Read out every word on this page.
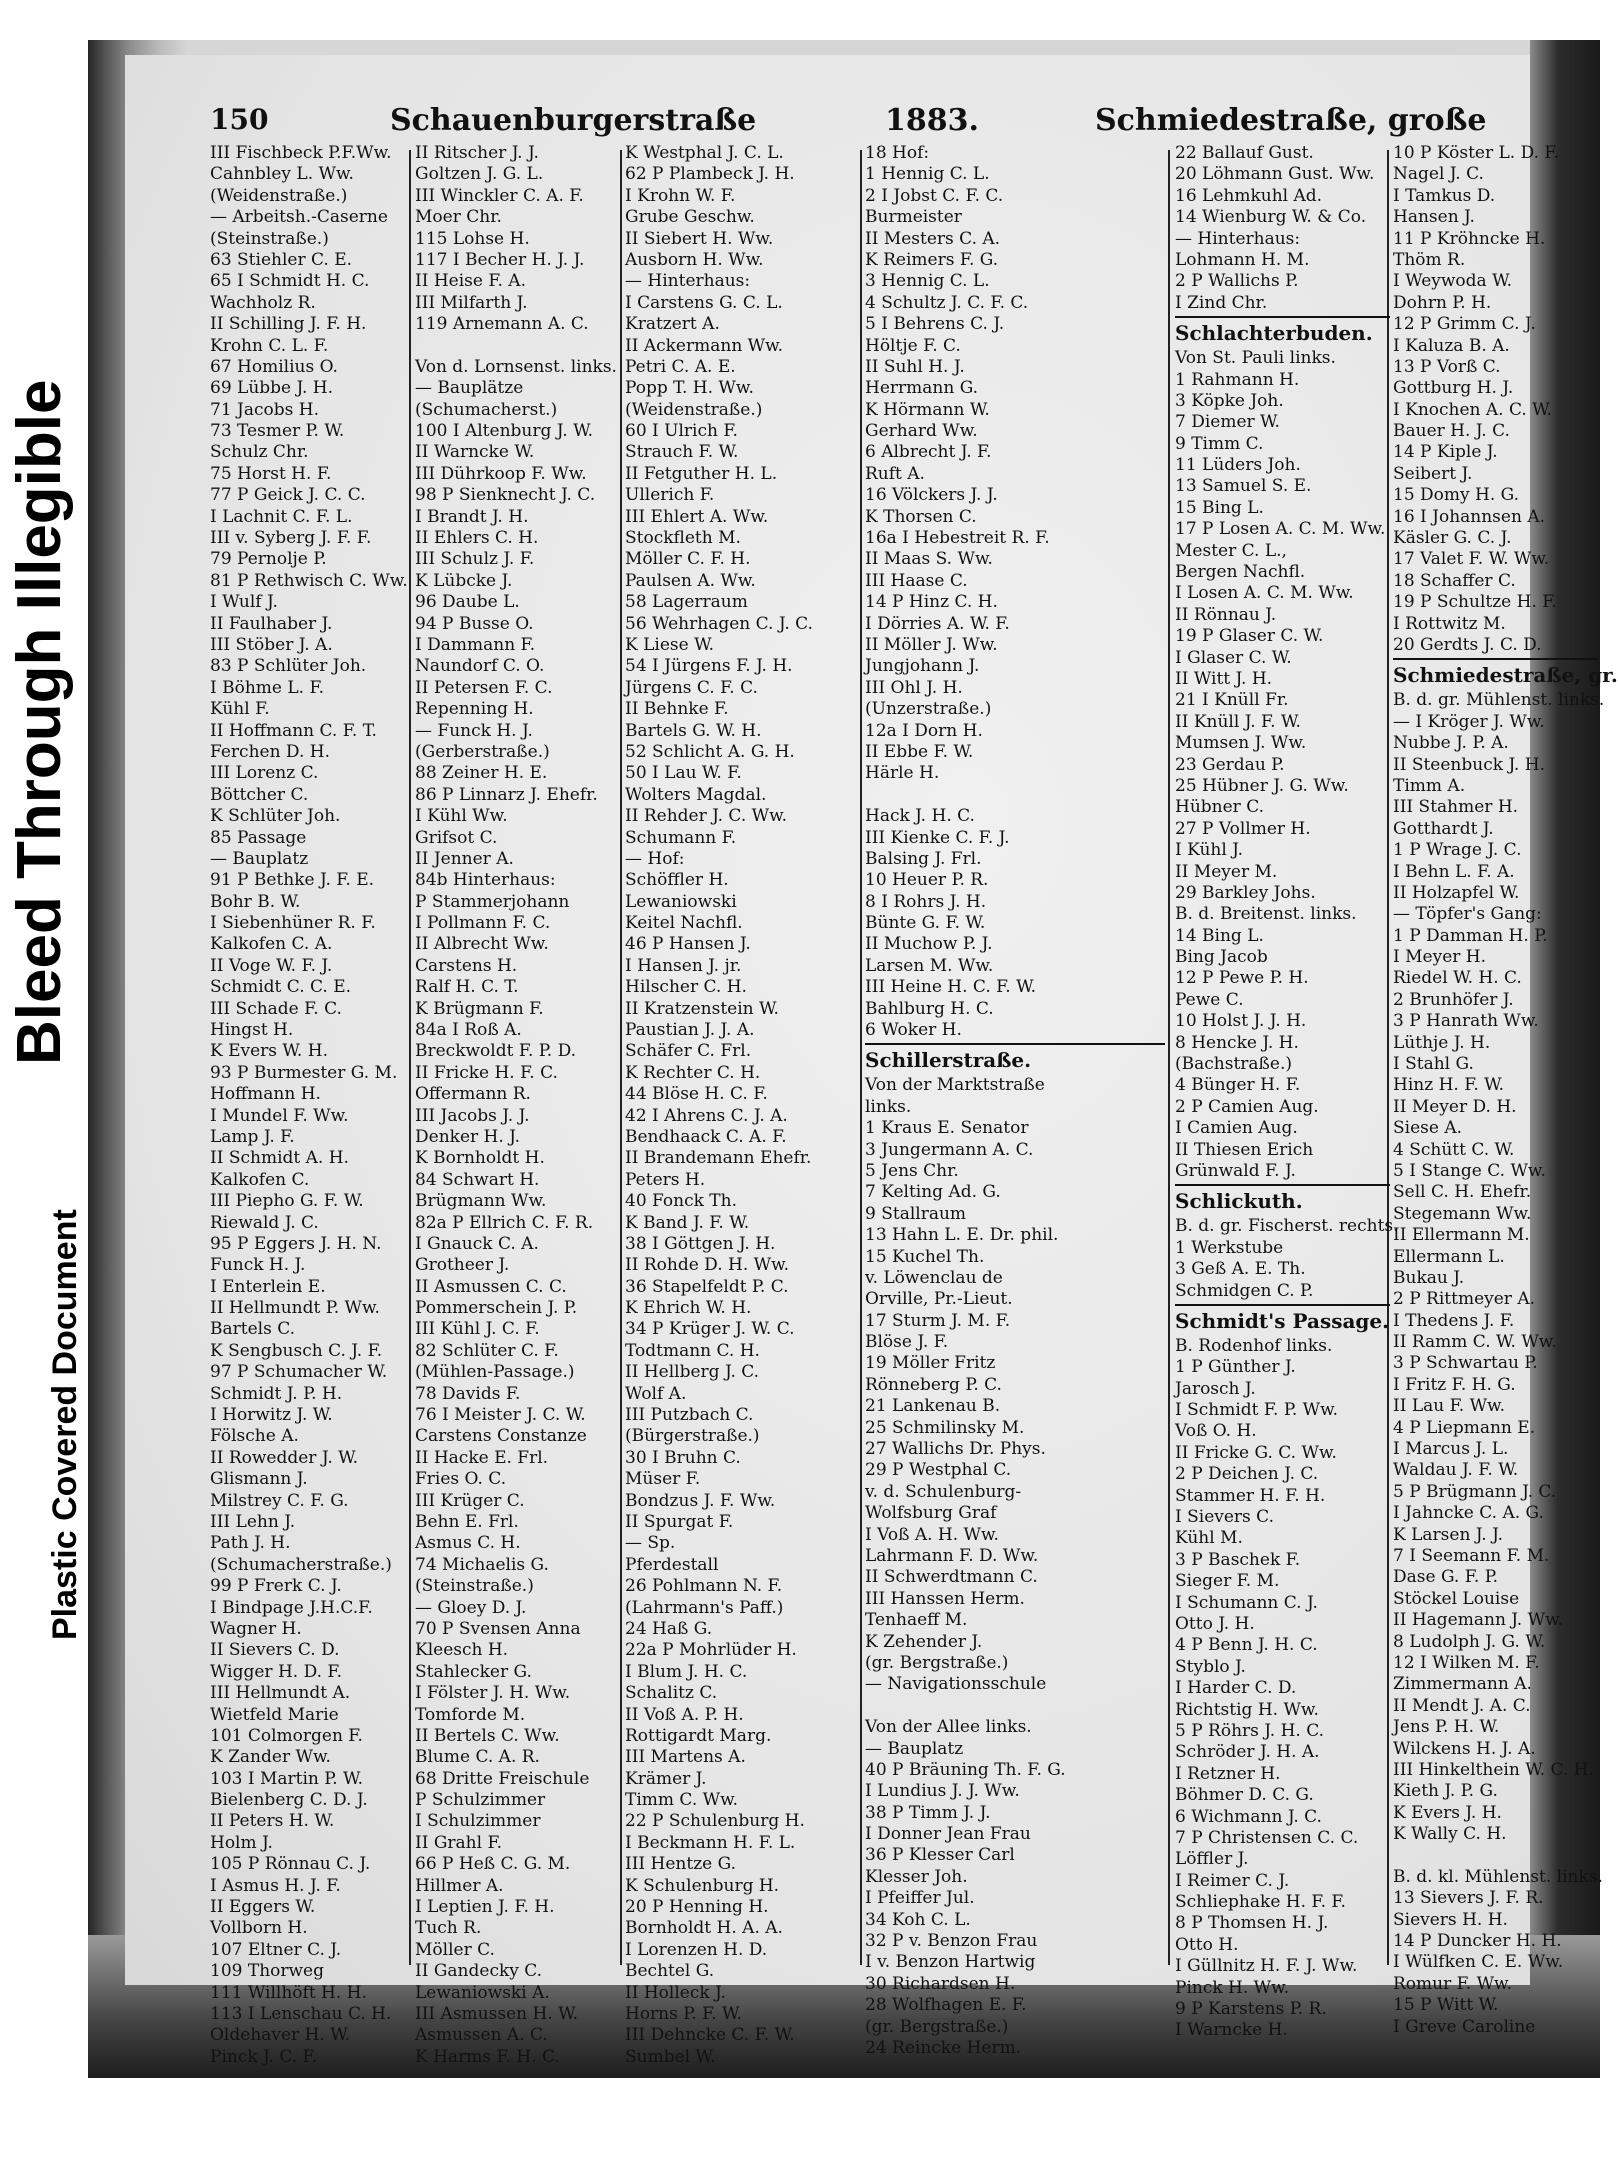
Bleed Through Illegible
Plastic Covered Document
150	Schauenburgerstraße	1883.	Schmiedestraße, große
III Fischbeck P.F.Ww.
Cahnbley L. Ww.
(Weidenstraße.)
— Arbeitsh.-Caserne
(Steinstraße.)
63 Stiehler C. E.
65 I Schmidt H. C.
Wachholz R.
II Schilling J. F. H.
Krohn C. L. F.
67 Homilius O.
69 Lübbe J. H.
71 Jacobs H.
73 Tesmer P. W.
Schulz Chr.
75 Horst H. F.
77 P Geick J. C. C.
I Lachnit C. F. L.
III v. Syberg J. F. F.
79 Pernolje P.
81 P Rethwisch C. Ww.
I Wulf J.
II Faulhaber J.
III Stöber J. A.
83 P Schlüter Joh.
I Böhme L. F.
Kühl F.
II Hoffmann C. F. T.
Ferchen D. H.
III Lorenz C.
Böttcher C.
K Schlüter Joh.
85 Passage
— Bauplatz
91 P Bethke J. F. E.
Bohr B. W.
I Siebenhüner R. F.
Kalkofen C. A.
II Voge W. F. J.
Schmidt C. C. E.
III Schade F. C.
Hingst H.
K Evers W. H.
93 P Burmester G. M.
Hoffmann H.
I Mundel F. Ww.
Lamp J. F.
II Schmidt A. H.
Kalkofen C.
III Piepho G. F. W.
Riewald J. C.
95 P Eggers J. H. N.
Funck H. J.
I Enterlein E.
II Hellmundt P. Ww.
Bartels C.
K Sengbusch C. J. F.
97 P Schumacher W.
Schmidt J. P. H.
I Horwitz J. W.
Fölsche A.
II Rowedder J. W.
Glismann J.
Milstrey C. F. G.
III Lehn J.
Path J. H.
(Schumacherstraße.)
99 P Frerk C. J.
I Bindpage J.H.C.F.
Wagner H.
II Sievers C. D.
Wigger H. D. F.
III Hellmundt A.
Wietfeld Marie
101 Colmorgen F.
K Zander Ww.
103 I Martin P. W.
Bielenberg C. D. J.
II Peters H. W.
Holm J.
105 P Rönnau C. J.
I Asmus H. J. F.
II Eggers W.
Vollborn H.
107 Eltner C. J.
109 Thorweg
111 Willhöft H. H.
113 I Lenschau C. H.
Oldehaver H. W.
Pinck J. C. F.
II Ritscher J. J.
Goltzen J. G. L.
III Winckler C. A. F.
Moer Chr.
115 Lohse H.
117 I Becher H. J. J.
II Heise F. A.
III Milfarth J.
119 Arnemann A. C.
Von d. Lornsenst. links.
— Bauplätze
(Schumacherst.)
100 I Altenburg J. W.
II Warncke W.
III Dührkoop F. Ww.
98 P Sienknecht J. C.
I Brandt J. H.
II Ehlers C. H.
III Schulz J. F.
K Lübcke J.
96 Daube L.
94 P Busse O.
I Dammann F.
Naundorf C. O.
II Petersen F. C.
Repenning H.
— Funck H. J.
(Gerberstraße.)
88 Zeiner H. E.
86 P Linnarz J. Ehefr.
I Kühl Ww.
Grifsot C.
II Jenner A.
84b Hinterhaus:
P Stammerjohann
I Pollmann F. C.
II Albrecht Ww.
Carstens H.
Ralf H. C. T.
K Brügmann F.
84a I Roß A.
Breckwoldt F. P. D.
II Fricke H. F. C.
Offermann R.
III Jacobs J. J.
Denker H. J.
K Bornholdt H.
84 Schwart H.
Brügmann Ww.
82a P Ellrich C. F. R.
I Gnauck C. A.
Grotheer J.
II Asmussen C. C.
Pommerschein J. P.
III Kühl J. C. F.
82 Schlüter C. F.
(Mühlen-Passage.)
78 Davids F.
76 I Meister J. C. W.
Carstens Constanze
II Hacke E. Frl.
Fries O. C.
III Krüger C.
Behn E. Frl.
Asmus C. H.
74 Michaelis G.
(Steinstraße.)
— Gloey D. J.
70 P Svensen Anna
Kleesch H.
Stahlecker G.
I Fölster J. H. Ww.
Tomforde M.
II Bertels C. Ww.
Blume C. A. R.
68 Dritte Freischule
P Schulzimmer
I Schulzimmer
II Grahl F.
66 P Heß C. G. M.
Hillmer A.
I Leptien J. F. H.
Tuch R.
Möller C.
II Gandecky C.
Lewaniowski A.
III Asmussen H. W.
Asmussen A. C.
K Harms F. H. C.
K Westphal J. C. L.
62 P Plambeck J. H.
I Krohn W. F.
Grube Geschw.
II Siebert H. Ww.
Ausborn H. Ww.
— Hinterhaus:
I Carstens G. C. L.
Kratzert A.
II Ackermann Ww.
Petri C. A. E.
Popp T. H. Ww.
(Weidenstraße.)
60 I Ulrich F.
Strauch F. W.
II Fetguther H. L.
Ullerich F.
III Ehlert A. Ww.
Stockfleth M.
Möller C. F. H.
Paulsen A. Ww.
58 Lagerraum
56 Wehrhagen C. J. C.
K Liese W.
54 I Jürgens F. J. H.
Jürgens C. F. C.
II Behnke F.
Bartels G. W. H.
52 Schlicht A. G. H.
50 I Lau W. F.
Wolters Magdal.
II Rehder J. C. Ww.
Schumann F.
— Hof:
Schöffler H.
Lewaniowski
Keitel Nachfl.
46 P Hansen J.
I Hansen J. jr.
Hilscher C. H.
II Kratzenstein W.
Paustian J. J. A.
Schäfer C. Frl.
K Rechter C. H.
44 Blöse H. C. F.
42 I Ahrens C. J. A.
Bendhaack C. A. F.
II Brandemann Ehefr.
Peters H.
40 Fonck Th.
K Band J. F. W.
38 I Göttgen J. H.
II Rohde D. H. Ww.
36 Stapelfeldt P. C.
K Ehrich W. H.
34 P Krüger J. W. C.
Todtmann C. H.
II Hellberg J. C.
Wolf A.
III Putzbach C.
(Bürgerstraße.)
30 I Bruhn C.
Müser F.
Bondzus J. F. Ww.
II Spurgat F.
— Sp.
Pferdestall
26 Pohlmann N. F.
(Lahrmann's Paff.)
24 Haß G.
22a P Mohrlüder H.
I Blum J. H. C.
Schalitz C.
II Voß A. P. H.
Rottigardt Marg.
III Martens A.
Krämer J.
Timm C. Ww.
22 P Schulenburg H.
I Beckmann H. F. L.
III Hentze G.
K Schulenburg H.
20 P Henning H.
Bornholdt H. A. A.
I Lorenzen H. D.
Bechtel G.
II Holleck J.
Horns P. F. W.
III Dehncke C. F. W.
Sumbel W.
18 Hof:
1 Hennig C. L.
2 I Jobst C. F. C.
Burmeister
II Mesters C. A.
K Reimers F. G.
3 Hennig C. L.
4 Schultz J. C. F. C.
5 I Behrens C. J.
Höltje F. C.
II Suhl H. J.
Herrmann G.
K Hörmann W.
Gerhard Ww.
6 Albrecht J. F.
Ruft A.
16 Völckers J. J.
K Thorsen C.
16a I Hebestreit R. F.
II Maas S. Ww.
III Haase C.
14 P Hinz C. H.
I Dörries A. W. F.
II Möller J. Ww.
Jungjohann J.
III Ohl J. H.
(Unzerstraße.)
12a I Dorn H.
II Ebbe F. W.
Härle H.
Hack J. H. C.
III Kienke C. F. J.
Balsing J. Frl.
10 Heuer P. R.
8 I Rohrs J. H.
Bünte G. F. W.
II Muchow P. J.
Larsen M. Ww.
III Heine H. C. F. W.
Bahlburg H. C.
6 Woker H.
Schillerstraße.
Von der Marktstraße
links.
1 Kraus E. Senator
3 Jungermann A. C.
5 Jens Chr.
7 Kelting Ad. G.
9 Stallraum
13 Hahn L. E. Dr. phil.
15 Kuchel Th.
v. Löwenclau de
Orville, Pr.-Lieut.
17 Sturm J. M. F.
Blöse J. F.
19 Möller Fritz
Rönneberg P. C.
21 Lankenau B.
25 Schmilinsky M.
27 Wallichs Dr. Phys.
29 P Westphal C.
v. d. Schulenburg-
Wolfsburg Graf
I Voß A. H. Ww.
Lahrmann F. D. Ww.
II Schwerdtmann C.
III Hanssen Herm.
Tenhaeff M.
K Zehender J.
(gr. Bergstraße.)
— Navigationsschule
Von der Allee links.
— Bauplatz
40 P Bräuning Th. F. G.
I Lundius J. J. Ww.
38 P Timm J. J.
I Donner Jean Frau
36 P Klesser Carl
Klesser Joh.
I Pfeiffer Jul.
34 Koh C. L.
32 P v. Benzon Frau
I v. Benzon Hartwig
30 Richardsen H.
28 Wolfhagen E. F.
(gr. Bergstraße.)
24 Reincke Herm.
22 Ballauf Gust.
20 Löhmann Gust. Ww.
16 Lehmkuhl Ad.
14 Wienburg W. & Co.
— Hinterhaus:
Lohmann H. M.
2 P Wallichs P.
I Zind Chr.
Schlachterbuden.
Von St. Pauli links.
1 Rahmann H.
3 Köpke Joh.
7 Diemer W.
9 Timm C.
11 Lüders Joh.
13 Samuel S. E.
15 Bing L.
17 P Losen A. C. M. Ww.
Mester C. L.,
Bergen Nachfl.
I Losen A. C. M. Ww.
II Rönnau J.
19 P Glaser C. W.
I Glaser C. W.
II Witt J. H.
21 I Knüll Fr.
II Knüll J. F. W.
Mumsen J. Ww.
23 Gerdau P.
25 Hübner J. G. Ww.
Hübner C.
27 P Vollmer H.
I Kühl J.
II Meyer M.
29 Barkley Johs.
B. d. Breitenst. links.
14 Bing L.
Bing Jacob
12 P Pewe P. H.
Pewe C.
10 Holst J. J. H.
8 Hencke J. H.
(Bachstraße.)
4 Bünger H. F.
2 P Camien Aug.
I Camien Aug.
II Thiesen Erich
Grünwald F. J.
Schlickuth.
B. d. gr. Fischerst. rechts.
1 Werkstube
3 Geß A. E. Th.
Schmidgen C. P.
Schmidt's Passage.
B. Rodenhof links.
1 P Günther J.
Jarosch J.
I Schmidt F. P. Ww.
Voß O. H.
II Fricke G. C. Ww.
2 P Deichen J. C.
Stammer H. F. H.
I Sievers C.
Kühl M.
3 P Baschek F.
Sieger F. M.
I Schumann C. J.
Otto J. H.
4 P Benn J. H. C.
Styblo J.
I Harder C. D.
Richtstig H. Ww.
5 P Röhrs J. H. C.
Schröder J. H. A.
I Retzner H.
Böhmer D. C. G.
6 Wichmann J. C.
7 P Christensen C. C.
Löffler J.
I Reimer C. J.
Schliephake H. F. F.
8 P Thomsen H. J.
Otto H.
I Güllnitz H. F. J. Ww.
Pinck H. Ww.
9 P Karstens P. R.
I Warncke H.
10 P Köster L. D. F.
Nagel J. C.
I Tamkus D.
Hansen J.
11 P Kröhncke H.
Thöm R.
I Weywoda W.
Dohrn P. H.
12 P Grimm C. J.
I Kaluza B. A.
13 P Vorß C.
Gottburg H. J.
I Knochen A. C. W.
Bauer H. J. C.
14 P Kiple J.
Seibert J.
15 Domy H. G.
16 I Johannsen A.
Käsler G. C. J.
17 Valet F. W. Ww.
18 Schaffer C.
19 P Schultze H. F.
I Rottwitz M.
20 Gerdts J. C. D.
Schmiedestraße, gr.
B. d. gr. Mühlenst. links.
— I Kröger J. Ww.
Nubbe J. P. A.
II Steenbuck J. H.
Timm A.
III Stahmer H.
Gotthardt J.
1 P Wrage J. C.
I Behn L. F. A.
II Holzapfel W.
— Töpfer's Gang:
1 P Damman H. P.
I Meyer H.
Riedel W. H. C.
2 Brunhöfer J.
3 P Hanrath Ww.
Lüthje J. H.
I Stahl G.
Hinz H. F. W.
II Meyer D. H.
Siese A.
4 Schütt C. W.
5 I Stange C. Ww.
Sell C. H. Ehefr.
Stegemann Ww.
II Ellermann M.
Ellermann L.
Bukau J.
2 P Rittmeyer A.
I Thedens J. F.
II Ramm C. W. Ww.
3 P Schwartau P.
I Fritz F. H. G.
II Lau F. Ww.
4 P Liepmann E.
I Marcus J. L.
Waldau J. F. W.
5 P Brügmann J. C.
I Jahncke C. A. G.
K Larsen J. J.
7 I Seemann F. M.
Dase G. F. P.
Stöckel Louise
II Hagemann J. Ww.
8 Ludolph J. G. W.
12 I Wilken M. F.
Zimmermann A.
II Mendt J. A. C.
Jens P. H. W.
Wilckens H. J. A.
III Hinkelthein W. C. H.
Kieth J. P. G.
K Evers J. H.
K Wally C. H.
B. d. kl. Mühlenst. links.
13 Sievers J. F. R.
Sievers H. H.
14 P Duncker H. H.
I Wülfken C. E. Ww.
Romur F. Ww.
15 P Witt W.
I Greve Caroline
